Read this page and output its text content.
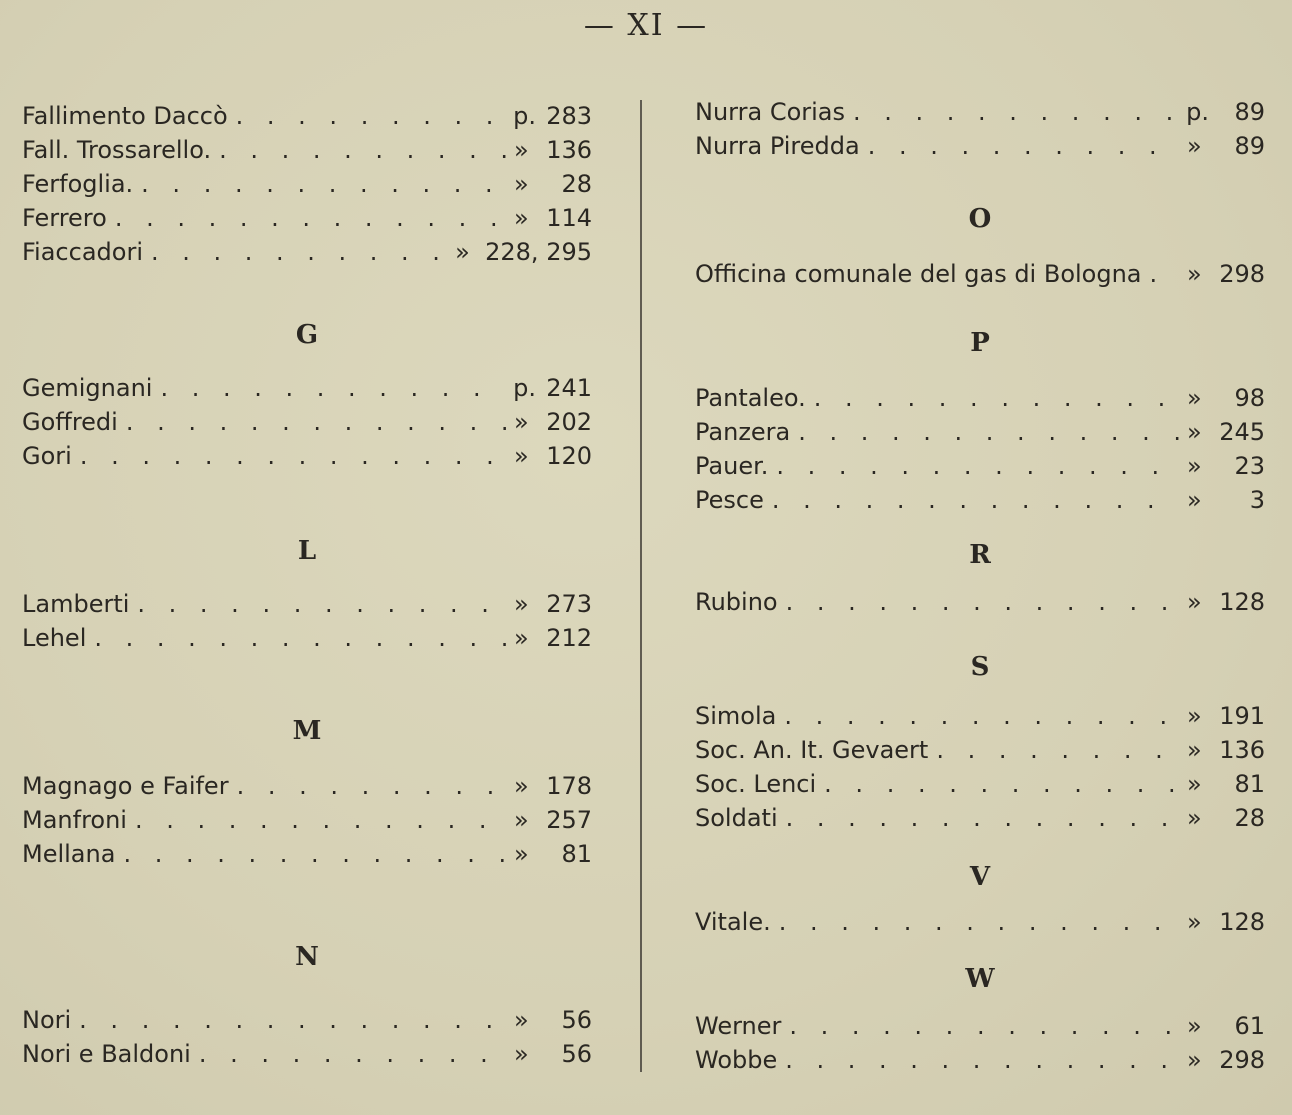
— XI —
Fallimento Daccò . . .	p. 283
Fall. Trossarello. . . .	» 136
Ferfoglia. . . .	»	28
Ferrero . . .	» 114
Fiaccadori . . .	» 228, 295
G
Gemignani . . .	p. 241
Goffredi . . .	» 202
Gori . . .	» 120
L
Lamberti . . .	» 273
Lehel . . .	» 212
M
Magnago e Faifer . . .	» 178
Manfroni . . .	» 257
Mellana . . .	»	81
N
Nori . . .	»	56
Nori e Baldoni . . .	»	56
Nurra Corias . . .	p.	89
Nurra Piredda . . .	»	89
O
Officina comunale del gas di Bologna . . . » 298
P
Pantaleo. . . .	»	98
Panzera . . .	» 245
Pauer. . . .	»	23
Pesce . . .	»	3
R
Rubino . . .	» 128
S
Simola . . .	» 191
Soc. An. It. Gevaert . . .	» 136
Soc. Lenci . . .	»	81
Soldati . . .	»	28
V
Vitale. . . .	» 128
W
Werner . . .	»	61
Wobbe . . .	» 298
